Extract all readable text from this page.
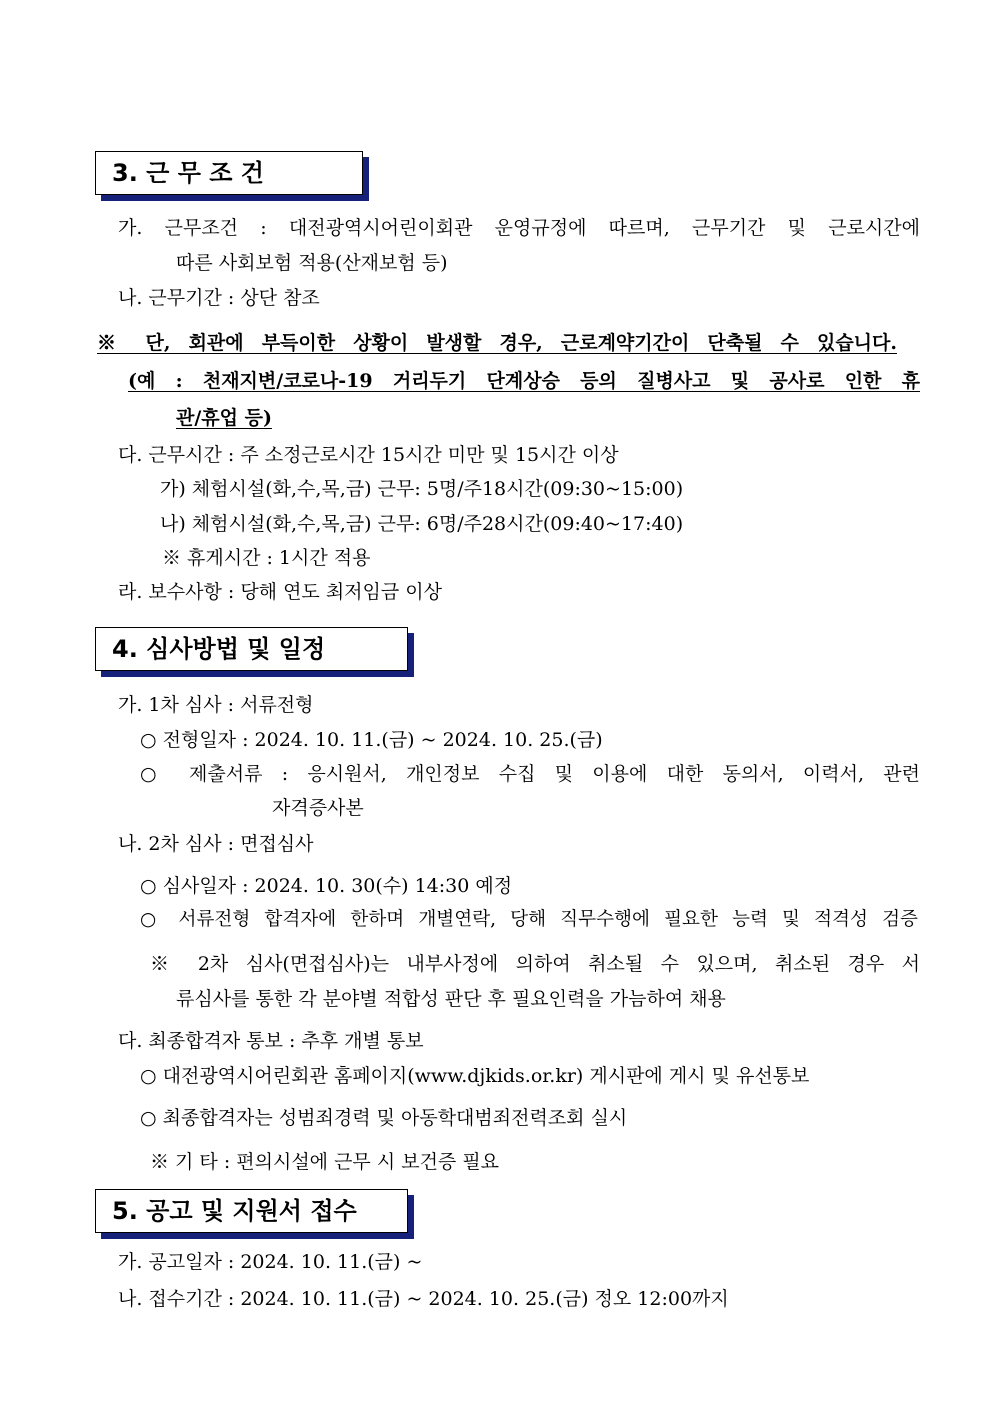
3. 근 무 조 건
가. 근무조건 : 대전광역시어린이회관 운영규정에 따르며, 근무기간 및 근로시간에
따른 사회보험 적용(산재보험 등)
나. 근무기간 : 상단 참조
※ 단, 회관에 부득이한 상황이 발생할 경우, 근로계약기간이 단축될 수 있습니다.
(예 : 천재지변/코로나-19 거리두기 단계상승 등의 질병사고 및 공사로 인한 휴
관/휴업 등)
다. 근무시간 : 주 소정근로시간 15시간 미만 및 15시간 이상
가) 체험시설(화,수,목,금) 근무: 5명/주18시간(09:30~15:00)
나) 체험시설(화,수,목,금) 근무: 6명/주28시간(09:40~17:40)
※ 휴게시간 : 1시간 적용
라. 보수사항 : 당해 연도 최저임금 이상
4. 심사방법 및 일정
가. 1차 심사 : 서류전형
○ 전형일자 : 2024. 10. 11.(금) ~ 2024. 10. 25.(금)
○ 제출서류 : 응시원서, 개인정보 수집 및 이용에 대한 동의서, 이력서, 관련
자격증사본
나. 2차 심사 : 면접심사
○ 심사일자 : 2024. 10. 30(수) 14:30 예정
○ 서류전형 합격자에 한하며 개별연락, 당해 직무수행에 필요한 능력 및 적격성 검증
※ 2차 심사(면접심사)는 내부사정에 의하여 취소될 수 있으며, 취소된 경우 서
류심사를 통한 각 분야별 적합성 판단 후 필요인력을 가늠하여 채용
다. 최종합격자 통보 : 추후 개별 통보
○ 대전광역시어린회관 홈페이지(www.djkids.or.kr) 게시판에 게시 및 유선통보
○ 최종합격자는 성범죄경력 및 아동학대범죄전력조회 실시
※ 기 타 : 편의시설에 근무 시 보건증 필요
5. 공고 및 지원서 접수
가. 공고일자 : 2024. 10. 11.(금) ~
나. 접수기간 : 2024. 10. 11.(금) ~ 2024. 10. 25.(금) 정오 12:00까지
